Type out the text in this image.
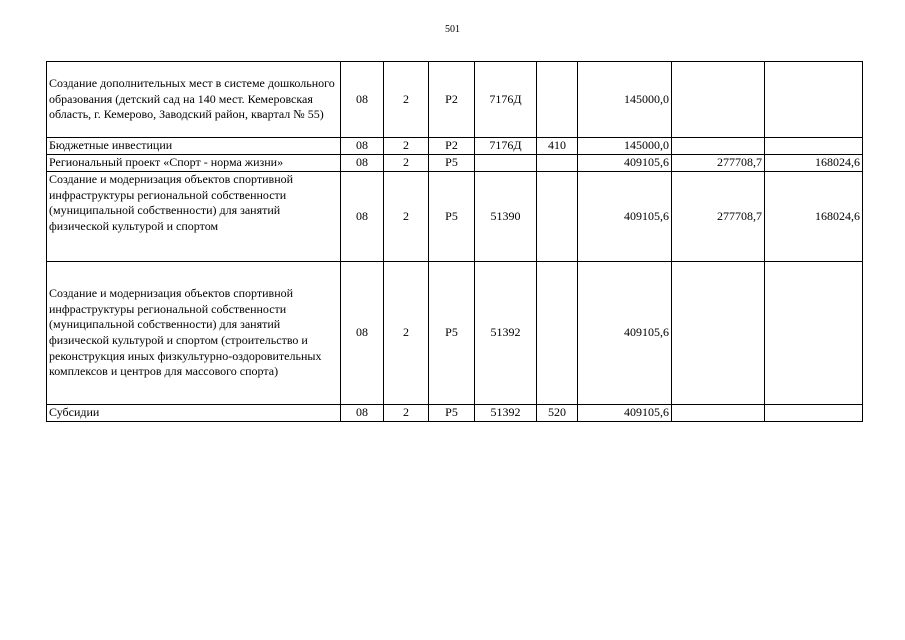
501
Создание дополнительных мест в системе дошкольного образования (детский сад на 140 мест. Кемеровская область, г. Кемерово, Заводский район, квартал № 55)	08	2	Р2	7176Д		145000,0		
Бюджетные инвестиции	08	2	Р2	7176Д	410	145000,0		
Региональный проект «Спорт - норма жизни»	08	2	Р5			409105,6	277708,7	168024,6
Создание и модернизация объектов спортивной инфраструктуры региональной собственности (муниципальной собственности) для занятий физической культурой и спортом	08	2	Р5	51390		409105,6	277708,7	168024,6
Создание и модернизация объектов спортивной инфраструктуры региональной собственности (муниципальной собственности) для занятий физической культурой и спортом (строительство и реконструкция иных физкультурно-оздоровительных комплексов и центров для массового спорта)	08	2	Р5	51392		409105,6		
Субсидии	08	2	Р5	51392	520	409105,6		
